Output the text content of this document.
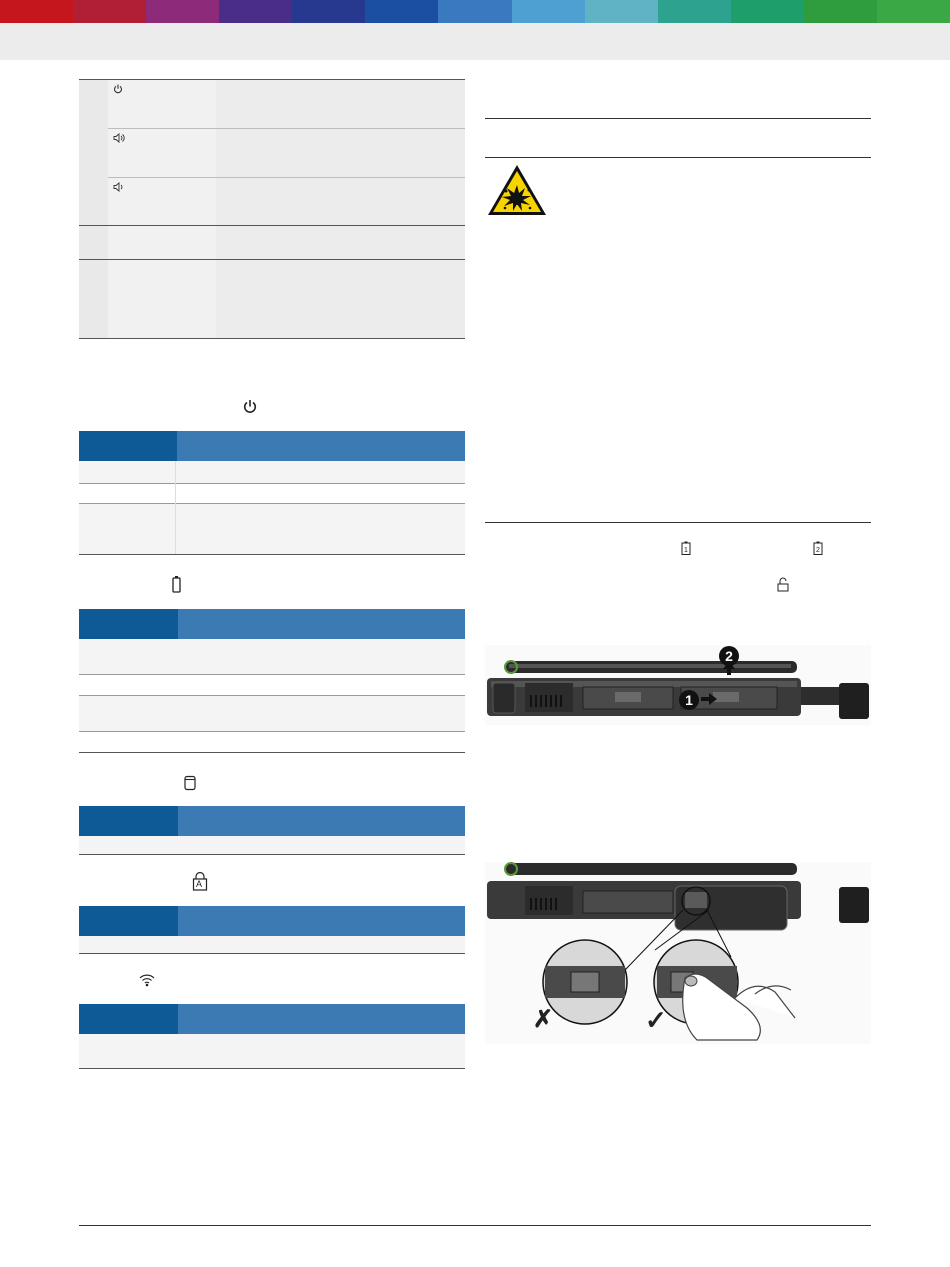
A
1	2
2
1
✗	✓
